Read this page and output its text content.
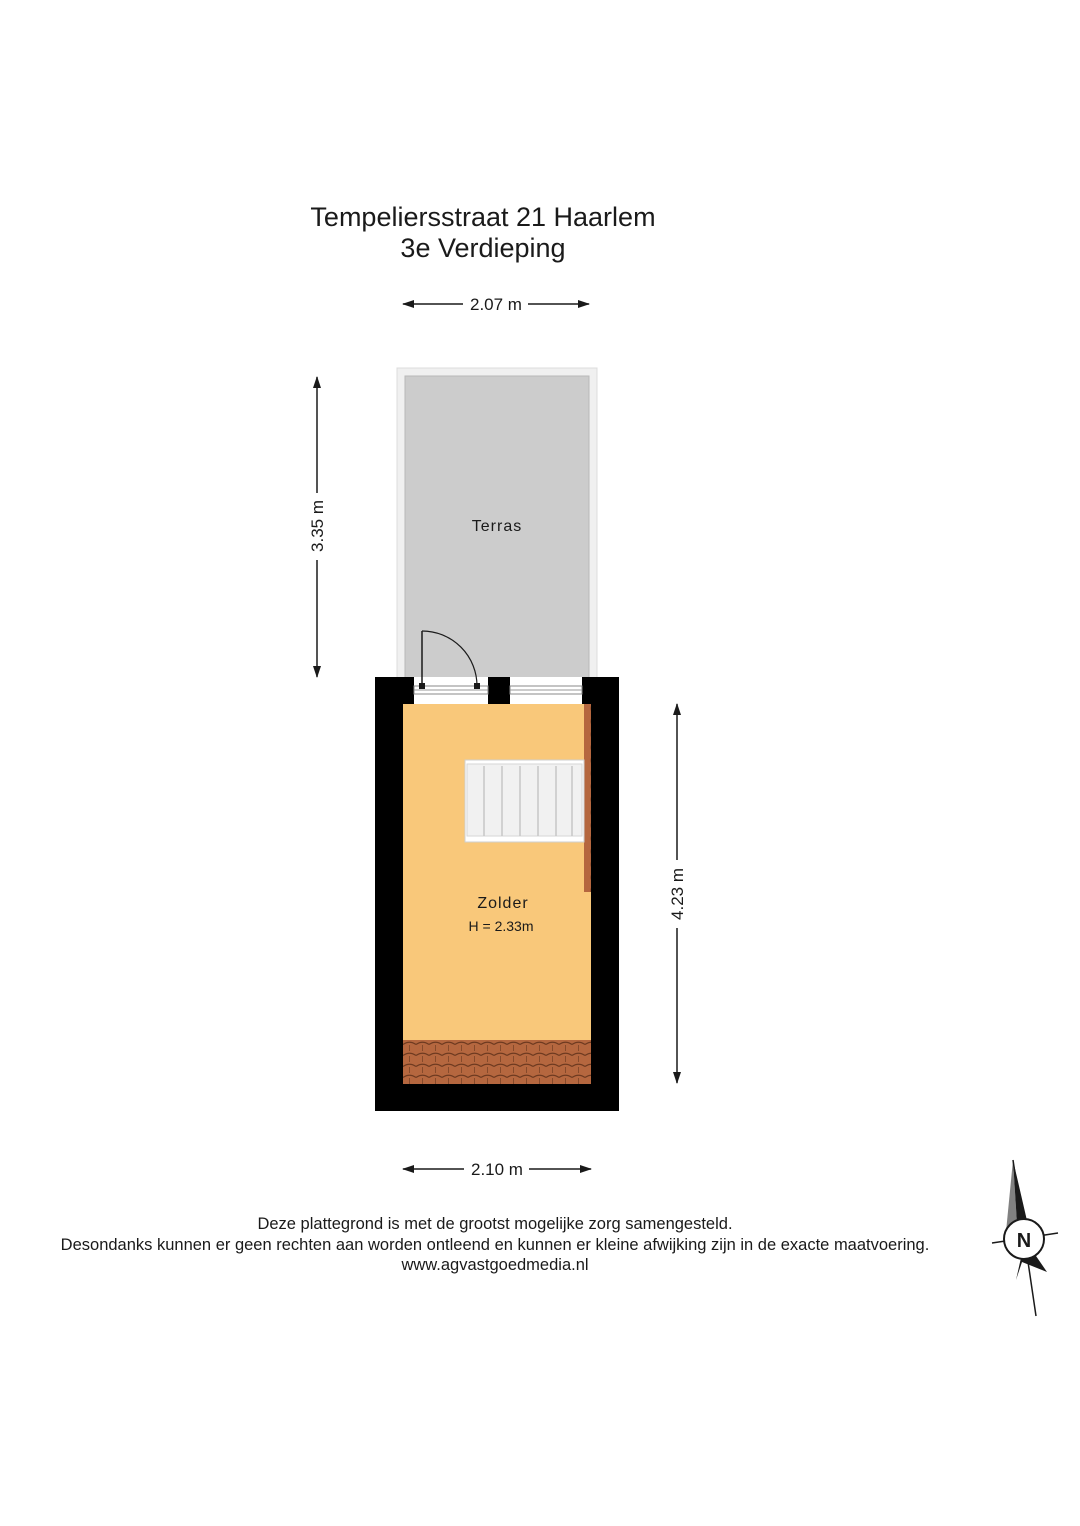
Tempeliersstraat 21 Haarlem
3e Verdieping
2.07 m
3.35 m	Terras
Zolder
H = 2.33m
4.23 m
2.10 m
N
Deze plattegrond is met de grootst mogelijke zorg samengesteld.
Desondanks kunnen er geen rechten aan worden ontleend en kunnen er kleine afwijking zijn in de exacte maatvoering.
www.agvastgoedmedia.nl
